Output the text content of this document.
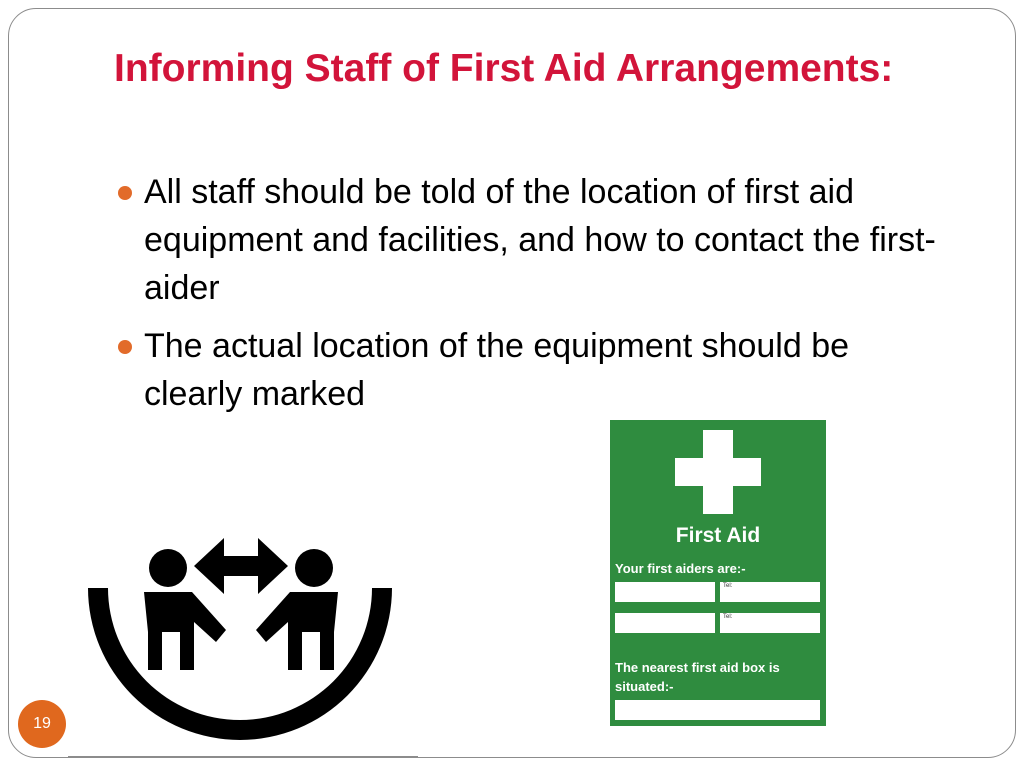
Informing Staff of First Aid Arrangements:
All staff should be told of the location of first aid equipment and facilities, and how to contact the first-aider
The actual location of the equipment should be clearly marked
First Aid
Your first aiders are:-
Tel:
Tel:
The nearest first aid box is situated:-
19
